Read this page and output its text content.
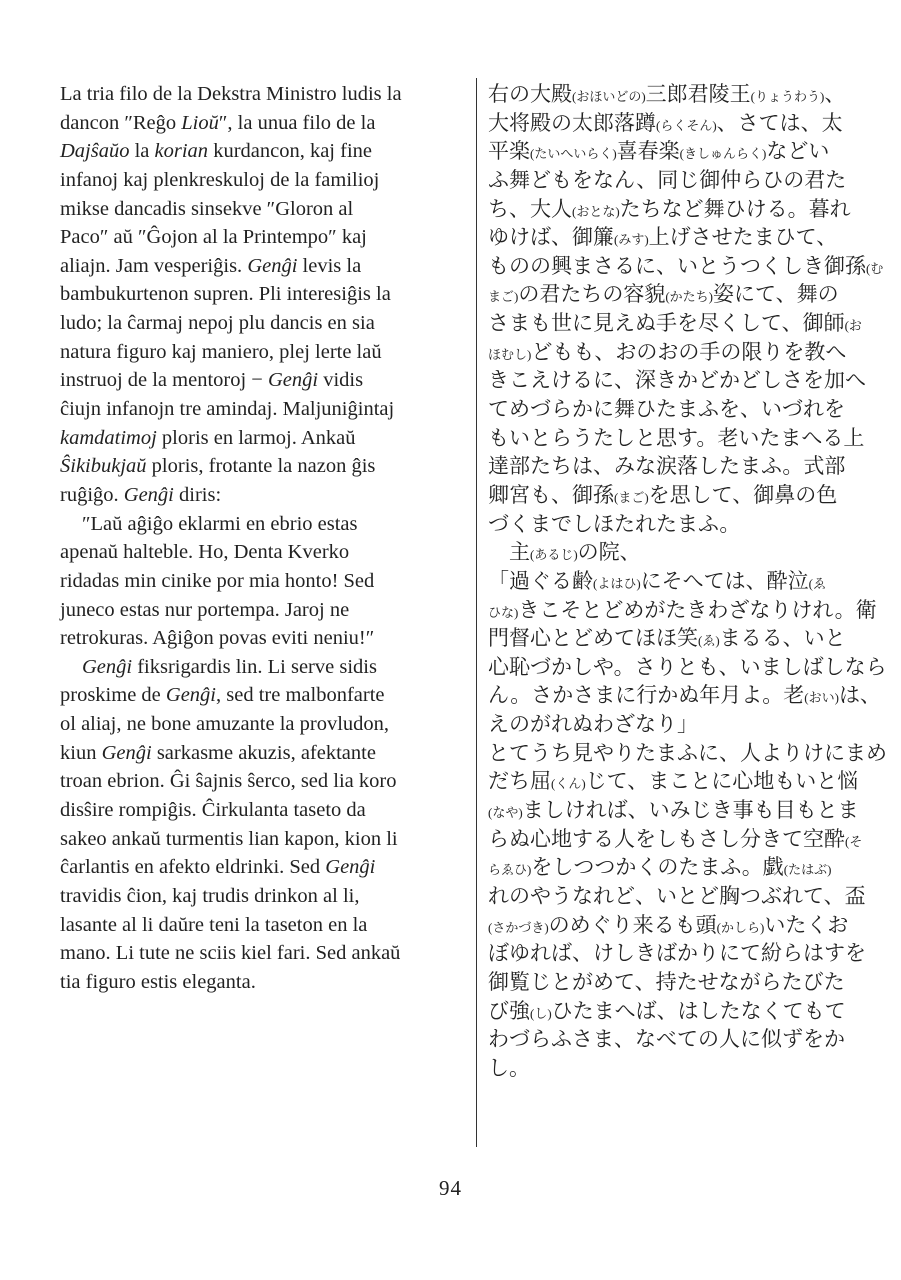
La tria filo de la Dekstra Ministro ludis la
dancon ″Reĝo Lioŭ″, la unua filo de la
Dajŝaŭo la korian kurdancon, kaj fine
infanoj kaj plenkreskuloj de la familioj
mikse dancadis sinsekve ″Gloron al
Paco″ aŭ ″Ĝojon al la Printempo″ kaj
aliajn. Jam vesperiĝis. Genĝi levis la
bambukurtenon supren. Pli interesiĝis la
ludo; la ĉarmaj nepoj plu dancis en sia
natura figuro kaj maniero, plej lerte laŭ
instruoj de la mentoroj − Genĝi vidis
ĉiujn infanojn tre amindaj. Maljuniĝintaj
kamdatimoj ploris en larmoj. Ankaŭ
Ŝikibukjaŭ ploris, frotante la nazon ĝis
ruĝiĝo. Genĝi diris:
″Laŭ aĝiĝo eklarmi en ebrio estas
apenaŭ halteble. Ho, Denta Kverko
ridadas min cinike por mia honto! Sed
juneco estas nur portempa. Jaroj ne
retrokuras. Aĝiĝon povas eviti neniu!″
Genĝi fiksrigardis lin. Li serve sidis
proskime de Genĝi, sed tre malbonfarte
ol aliaj, ne bone amuzante la provludon,
kiun Genĝi sarkasme akuzis, afektante
troan ebrion. Ĝi ŝajnis ŝerco, sed lia koro
disŝire rompiĝis. Ĉirkulanta taseto da
sakeo ankaŭ turmentis lian kapon, kion li
ĉarlantis en afekto eldrinki. Sed Genĝi
travidis ĉion, kaj trudis drinkon al li,
lasante al li daŭre teni la taseton en la
mano. Li tute ne sciis kiel fari. Sed ankaŭ
tia figuro estis eleganta.
右の大殿(おほいどの)三郎君陵王(りょうわう)、
大将殿の太郎落蹲(らくそん)、さては、太
平楽(たいへいらく)喜春楽(きしゅんらく)などい
ふ舞どもをなん、同じ御仲らひの君た
ち、大人(おとな)たちなど舞ひける。暮れ
ゆけば、御簾(みす)上げさせたまひて、
ものの興まさるに、いとうつくしき御孫(む
まご)の君たちの容貌(かたち)姿にて、舞の
さまも世に見えぬ手を尽くして、御師(お
ほむし)どもも、おのおの手の限りを教へ
きこえけるに、深きかどかどしさを加へ
てめづらかに舞ひたまふを、いづれを
もいとらうたしと思す。老いたまへる上
達部たちは、みな涙落したまふ。式部
卿宮も、御孫(まご)を思して、御鼻の色
づくまでしほたれたまふ。
　主(あるじ)の院、
「過ぐる齢(よはひ)にそへては、酔泣(ゑ
ひな)きこそとどめがたきわざなりけれ。衛
門督心とどめてほほ笑(ゑ)まるる、いと
心恥づかしや。さりとも、いましばしなら
ん。さかさまに行かぬ年月よ。老(おい)は、
えのがれぬわざなり」
とてうち見やりたまふに、人よりけにまめ
だち屈(くん)じて、まことに心地もいと悩
(なや)ましければ、いみじき事も目もとま
らぬ心地する人をしもさし分きて空酔(そ
らゑひ)をしつつかくのたまふ。戯(たはぶ)
れのやうなれど、いとど胸つぶれて、盃
(さかづき)のめぐり来るも頭(かしら)いたくお
ぼゆれば、けしきばかりにて紛らはすを
御覧じとがめて、持たせながらたびた
び強(し)ひたまへば、はしたなくてもて
わづらふさま、なべての人に似ずをか
し。
94
